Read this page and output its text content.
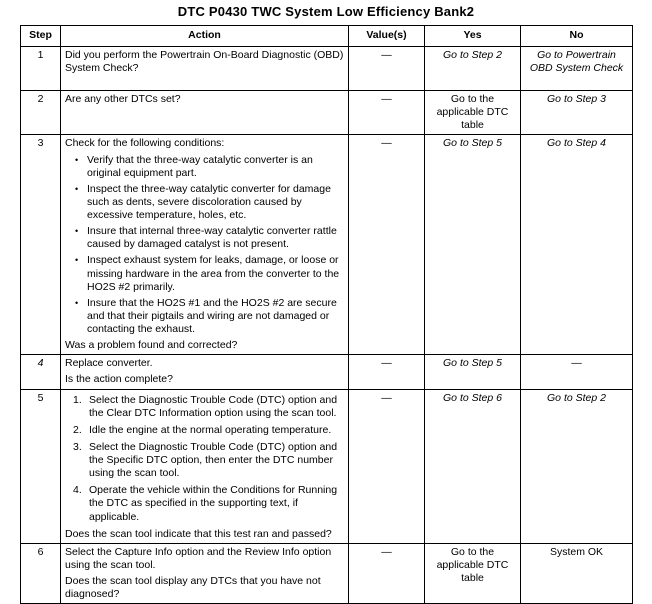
DTC P0430 TWC System Low Efficiency Bank2
Step	Action	Value(s)	Yes	No
1	Did you perform the Powertrain On-Board Diagnostic (OBD) System Check?	—	Go to Step 2	Go to Powertrain OBD System Check
2	Are any other DTCs set?	—	Go to the applicable DTC table	Go to Step 3
3	Check for the following conditions:

• Verify that the three-way catalytic converter is an original equipment part.
• Inspect the three-way catalytic converter for damage such as dents, severe discoloration caused by excessive temperature, holes, etc.
• Insure that internal three-way catalytic converter rattle caused by damaged catalyst is not present.
• Inspect exhaust system for leaks, damage, or loose or missing hardware in the area from the converter to the HO2S #2 primarily.
• Insure that the HO2S #1 and the HO2S #2 are secure and that their pigtails and wiring are not damaged or contacting the exhaust.

Was a problem found and corrected?

	—	Go to Step 5	Go to Step 4
4	Replace converter.

Is the action complete?	—	Go to Step 5	—
5	1. Select the Diagnostic Trouble Code (DTC) option and the Clear DTC Information option using the scan tool.
2. Idle the engine at the normal operating temperature.
3. Select the Diagnostic Trouble Code (DTC) option and the Specific DTC option, then enter the DTC number using the scan tool.
4. Operate the vehicle within the Conditions for Running the DTC as specified in the supporting text, if applicable.

Does the scan tool indicate that this test ran and passed?

	—	Go to Step 6	Go to Step 2
6	Select the Capture Info option and the Review Info option using the scan tool.

Does the scan tool display any DTCs that you have not diagnosed?	—	Go to the applicable DTC table	System OK
